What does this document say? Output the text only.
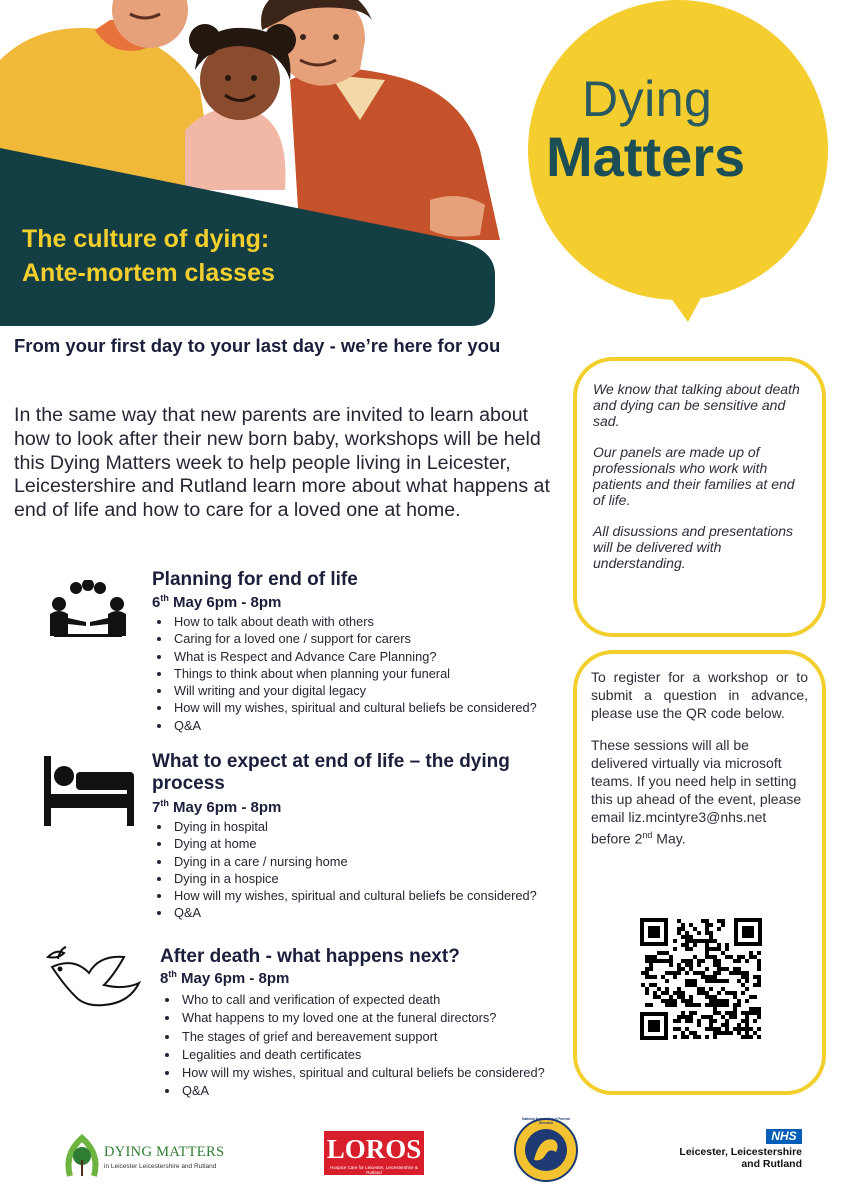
The culture of dying:
Ante-mortem classes

Dying

Matters

From your first day to your last day - we’re here for you

In the same way that new parents are invited to learn about how to look after their new born baby, workshops will be held this Dying Matters week to help people living in Leicester, Leicestershire and Rutland learn more about what happens at end of life and how to care for a loved one at home.

Planning for end of life

6th May 6pm - 8pm

• How to talk about death with others
• Caring for a loved one / support for carers
• What is Respect and Advance Care Planning?
• Things to think about when planning your funeral
• Will writing and your digital legacy
• How will my wishes, spiritual and cultural beliefs be considered?
• Q&A

What to expect at end of life – the dying process

7th May 6pm - 8pm

• Dying in hospital
• Dying at home
• Dying in a care / nursing home
• Dying in a hospice
• How will my wishes, spiritual and cultural beliefs be considered?
• Q&A

After death - what happens next?

8th May 6pm - 8pm

• Who to call and verification of expected death
• What happens to my loved one at the funeral directors?
• The stages of grief and bereavement support
• Legalities and death certificates
• How will my wishes, spiritual and cultural beliefs be considered?
• Q&A

We know that talking about death and dying can be sensitive and sad.

Our panels are made up of professionals who work with patients and their families at end of life.

All disussions and presentations will be delivered with understanding.

To register for a workshop or to submit a question in advance, please use the QR code below.

These sessions will all be delivered virtually via microsoft teams. If you need help in setting this up ahead of the event, please email liz.mcintyre3@nhs.net before 2nd May.

DYING MATTERS

in Leicester Leicestershire and Rutland

LOROS

Hospice Care for Leicester, Leicestershire & Rutland

National Association of Funeral Directors

NHS

Leicester, Leicestershire and Rutland
